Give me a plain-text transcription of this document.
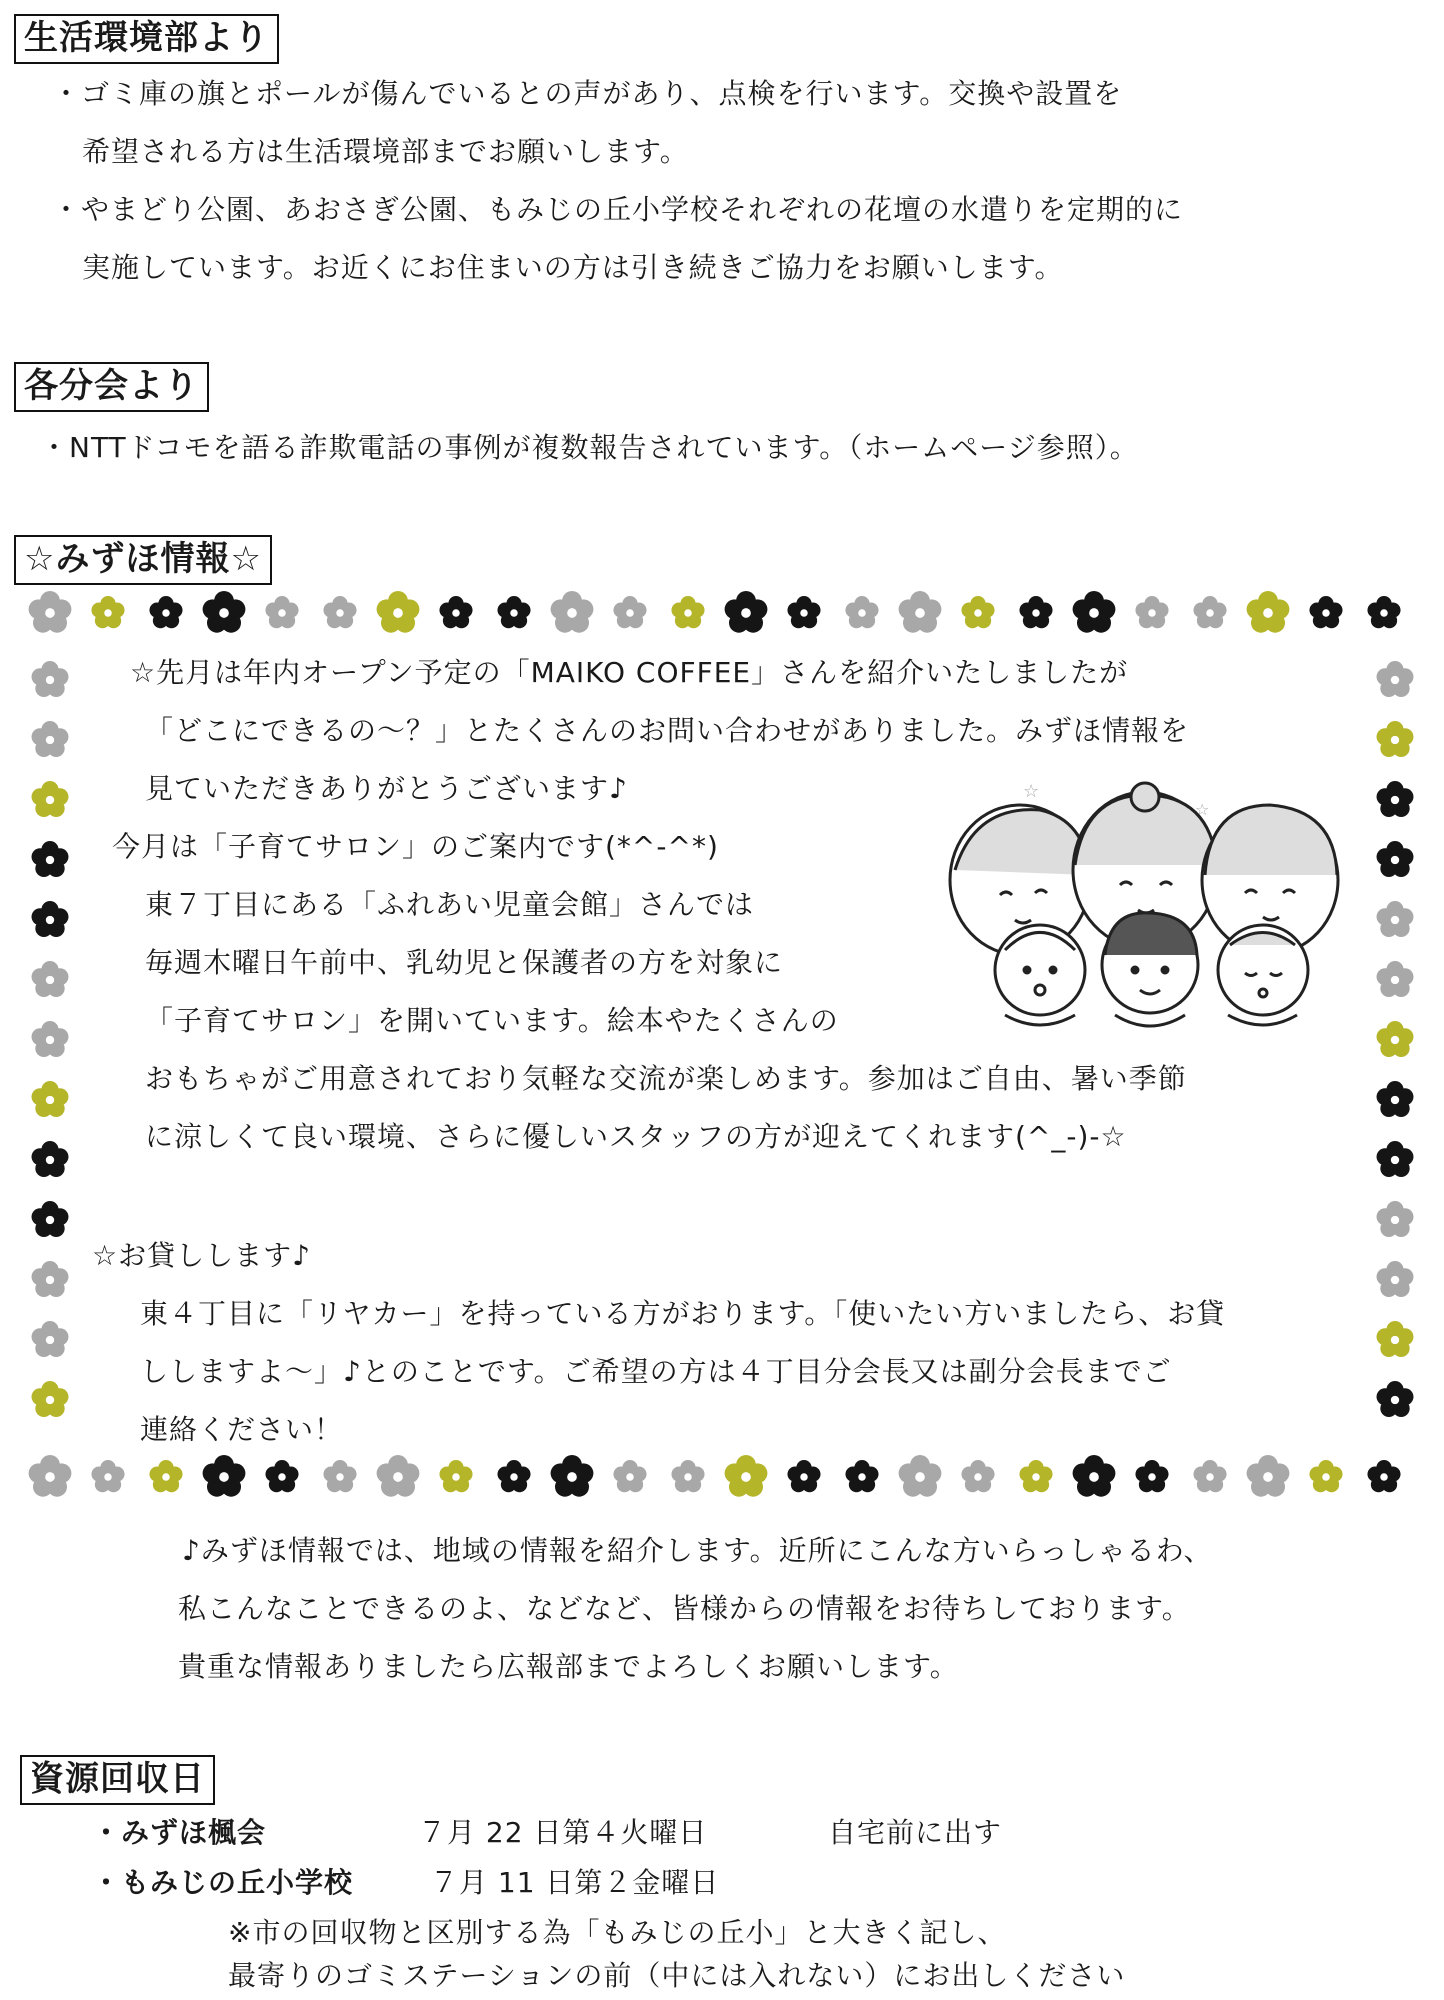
生活環境部より
・ゴミ庫の旗とポールが傷んでいるとの声があり、点検を行います。交換や設置を
希望される方は生活環境部までお願いします。
・やまどり公園、あおさぎ公園、もみじの丘小学校それぞれの花壇の水遣りを定期的に
実施しています。お近くにお住まいの方は引き続きご協力をお願いします。
各分会より
・NTTドコモを語る詐欺電話の事例が複数報告されています。（ホームページ参照）。
☆みずほ情報☆
☆先月は年内オープン予定の「MAIKO COFFEE」さんを紹介いたしましたが
「どこにできるの～？」とたくさんのお問い合わせがありました。みずほ情報を
見ていただきありがとうございます♪
今月は「子育てサロン」のご案内です(*^-^*)
東７丁目にある「ふれあい児童会館」さんでは
毎週木曜日午前中、乳幼児と保護者の方を対象に
「子育てサロン」を開いています。絵本やたくさんの
おもちゃがご用意されており気軽な交流が楽しめます。参加はご自由、暑い季節
に涼しくて良い環境、さらに優しいスタッフの方が迎えてくれます(^_-)-☆
☆お貸しします♪
東４丁目に「リヤカー」を持っている方がおります。「使いたい方いましたら、お貸
ししますよ～」♪とのことです。ご希望の方は４丁目分会長又は副分会長までご
連絡ください！
☆
☆
♪みずほ情報では、地域の情報を紹介します。近所にこんな方いらっしゃるわ、
私こんなことできるのよ、などなど、皆様からの情報をお待ちしております。
貴重な情報ありましたら広報部までよろしくお願いします。
資源回収日
・みずほ楓会	７月 22 日第４火曜日	自宅前に出す
・もみじの丘小学校	７月 11 日第２金曜日
※市の回収物と区別する為「もみじの丘小」と大きく記し、
最寄りのゴミステーションの前（中には入れない）にお出しください
